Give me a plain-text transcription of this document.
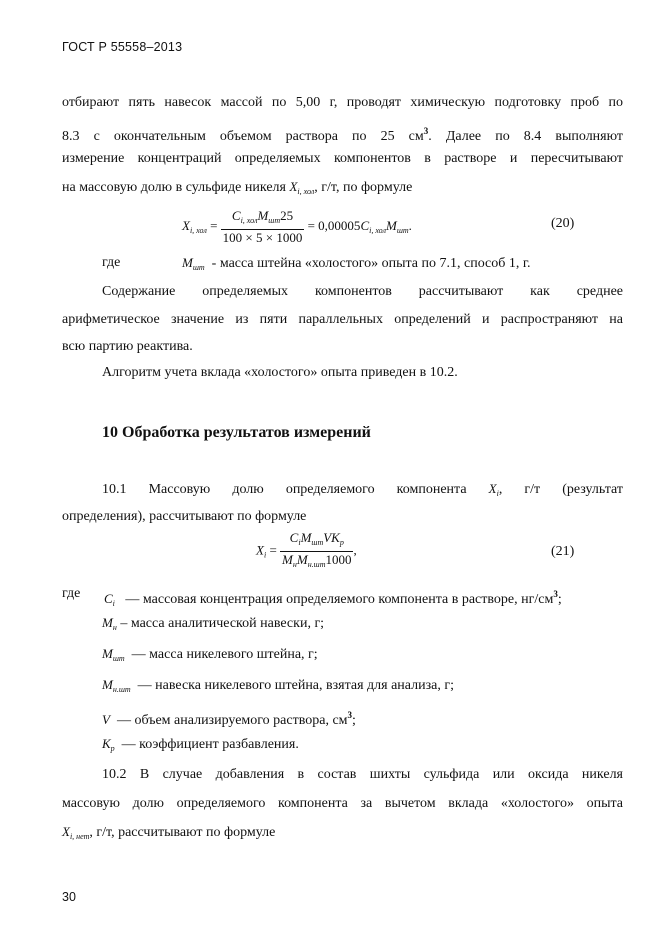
ГОСТ Р 55558–2013
отбирают пять навесок массой по 5,00 г, проводят химическую подготовку проб по
8.3 с окончательным объемом раствора по 25 $см^3$. Далее по 8.4 выполняют
измерение концентраций определяемых компонентов в растворе и пересчитывают
на массовую долю в сульфиде никеля $X_{i, хол}$, г/т, по формуле
$X_{i, хол} = \frac{C_{i, хол}M_{шт}25}{100 \times 5 \times 1000} = 0,00005C_{i, хол}M_{шт}$.	(20)
где	$M_{шт}$ - масса штейна «холостого» опыта по 7.1, способ 1, г.
Содержание определяемых компонентов рассчитывают как среднее
арифметическое значение из пяти параллельных определений и распространяют на
всю партию реактива.
Алгоритм учета вклада «холостого» опыта приведен в 10.2.
10 Обработка результатов измерений
10.1 Массовую долю определяемого компонента $X_i$, г/т (результат
определения), рассчитывают по формуле
$X_i = \frac{C_iM_{шт}VK_p}{M_нM_{н.шт}1000}$ ,	(21)
где	$C_i$ — массовая концентрация определяемого компонента в растворе, $нг/см^3$;
$M_н$ – масса аналитической навески, г;
$M_{шт}$ — масса никелевого штейна, г;
$M_{н.шт}$ — навеска никелевого штейна, взятая для анализа, г;
V — объем анализируемого раствора, $см^3$;
$K_p$ — коэффициент разбавления.
10.2 В случае добавления в состав шихты сульфида или оксида никеля
массовую долю определяемого компонента за вычетом вклада «холостого» опыта
$X_{i, нет}$, г/т, рассчитывают по формуле
30
